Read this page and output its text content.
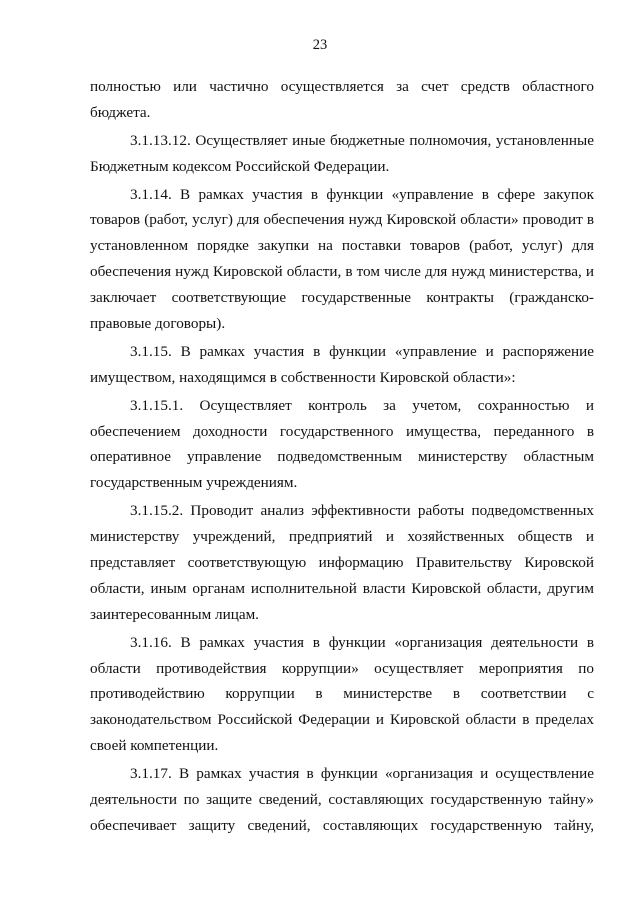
23
полностью или частично осуществляется за счет средств областного
бюджета.
3.1.13.12. Осуществляет иные бюджетные полномочия, установленные
Бюджетным кодексом Российской Федерации.
3.1.14. В рамках участия в функции «управление в сфере закупок
товаров (работ, услуг) для обеспечения нужд Кировской области» проводит в
установленном порядке закупки на поставки товаров (работ, услуг) для
обеспечения нужд Кировской области, в том числе для нужд министерства, и
заключает соответствующие государственные контракты (гражданско-
правовые договоры).
3.1.15. В рамках участия в функции «управление и распоряжение
имуществом, находящимся в собственности Кировской области»:
3.1.15.1. Осуществляет контроль за учетом, сохранностью и
обеспечением доходности государственного имущества, переданного в
оперативное управление подведомственным министерству областным
государственным учреждениям.
3.1.15.2. Проводит анализ эффективности работы подведомственных
министерству учреждений, предприятий и хозяйственных обществ и
представляет соответствующую информацию Правительству Кировской
области, иным органам исполнительной власти Кировской области, другим
заинтересованным лицам.
3.1.16. В рамках участия в функции «организация деятельности в
области противодействия коррупции» осуществляет мероприятия по
противодействию коррупции в министерстве в соответствии с
законодательством Российской Федерации и Кировской области в пределах
своей компетенции.
3.1.17. В рамках участия в функции «организация и осуществление
деятельности по защите сведений, составляющих государственную тайну»
обеспечивает защиту сведений, составляющих государственную тайну,
